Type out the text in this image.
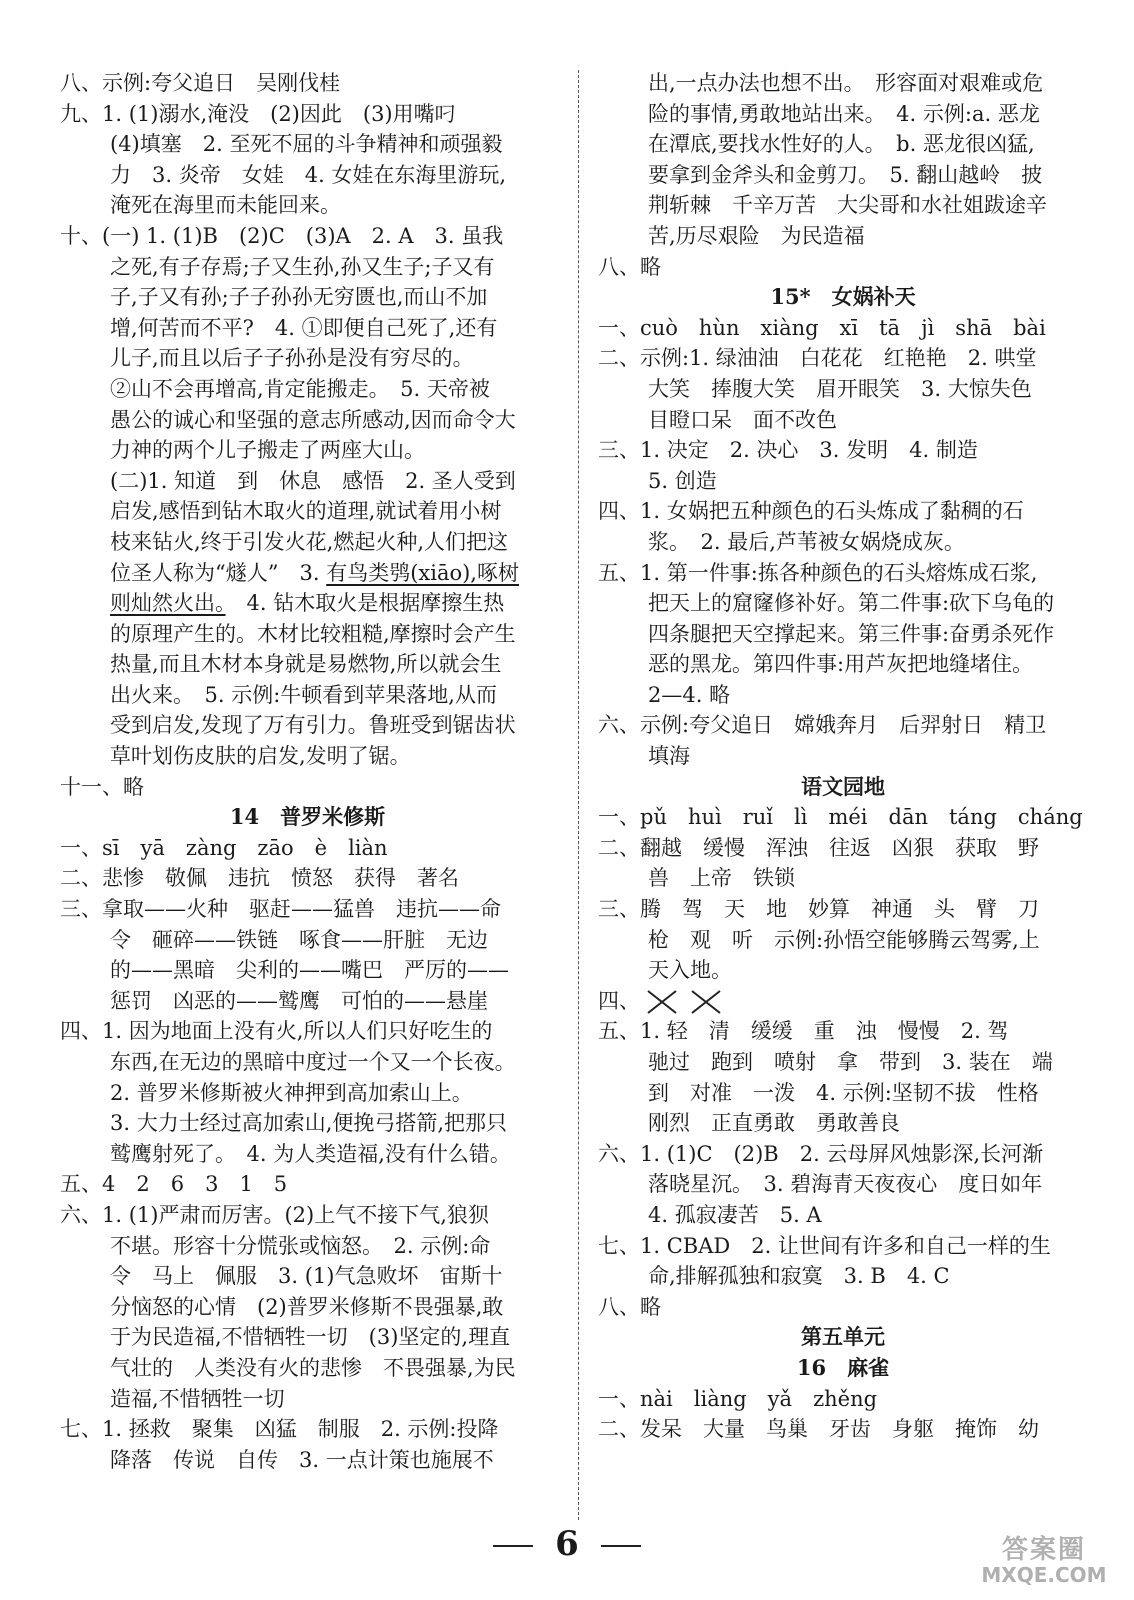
八、示例:夸父追日　吴刚伐桂
九、1. (1)溺水,淹没　(2)因此　(3)用嘴叼
(4)填塞　2. 至死不屈的斗争精神和顽强毅
力　3. 炎帝　女娃　4. 女娃在东海里游玩,
淹死在海里而未能回来。
十、(一) 1. (1)B　(2)C　(3)A　2. A　3. 虽我
之死,有子存焉;子又生孙,孙又生子;子又有
子,子又有孙;子子孙孙无穷匮也,而山不加
增,何苦而不平?　4. ①即便自己死了,还有
儿子,而且以后子子孙孙是没有穷尽的。
②山不会再增高,肯定能搬走。　5. 天帝被
愚公的诚心和坚强的意志所感动,因而命令大
力神的两个儿子搬走了两座大山。
(二)1. 知道　到　休息　感悟　2. 圣人受到
启发,感悟到钻木取火的道理,就试着用小树
枝来钻火,终于引发火花,燃起火种,人们把这
位圣人称为“燧人”　3. 有鸟类鸮(xiāo),啄树
则灿然火出。　4. 钻木取火是根据摩擦生热
的原理产生的。木材比较粗糙,摩擦时会产生
热量,而且木材本身就是易燃物,所以就会生
出火来。　5. 示例:牛顿看到苹果落地,从而
受到启发,发现了万有引力。鲁班受到锯齿状
草叶划伤皮肤的启发,发明了锯。
十一、略
14　普罗米修斯
一、sī　yā　zàng　zāo　è　liàn
二、悲惨　敬佩　违抗　愤怒　获得　著名
三、拿取——火种　驱赶——猛兽　违抗——命
令　砸碎——铁链　啄食——肝脏　无边
的——黑暗　尖利的——嘴巴　严厉的——
惩罚　凶恶的——鹫鹰　可怕的——悬崖
四、1. 因为地面上没有火,所以人们只好吃生的
东西,在无边的黑暗中度过一个又一个长夜。
2. 普罗米修斯被火神押到高加索山上。
3. 大力士经过高加索山,便挽弓搭箭,把那只
鹫鹰射死了。　4. 为人类造福,没有什么错。
五、4　2　6　3　1　5
六、1. (1)严肃而厉害。(2)上气不接下气,狼狈
不堪。形容十分慌张或恼怒。　2. 示例:命
令　马上　佩服　3. (1)气急败坏　宙斯十
分恼怒的心情　(2)普罗米修斯不畏强暴,敢
于为民造福,不惜牺牲一切　(3)坚定的,理直
气壮的　人类没有火的悲惨　不畏强暴,为民
造福,不惜牺牲一切
七、1. 拯救　聚集　凶猛　制服　2. 示例:投降
降落　传说　自传　3. 一点计策也施展不
出,一点办法也想不出。　形容面对艰难或危
险的事情,勇敢地站出来。　4. 示例:a. 恶龙
在潭底,要找水性好的人。　b. 恶龙很凶猛,
要拿到金斧头和金剪刀。　5. 翻山越岭　披
荆斩棘　千辛万苦　大尖哥和水社姐跋途辛
苦,历尽艰险　为民造福
八、略
15*　女娲补天
一、cuò　hùn　xiàng　xī　tā　jì　shā　bài
二、示例:1. 绿油油　白花花　红艳艳　2. 哄堂
大笑　捧腹大笑　眉开眼笑　3. 大惊失色
目瞪口呆　面不改色
三、1. 决定　2. 决心　3. 发明　4. 制造
5. 创造
四、1. 女娲把五种颜色的石头炼成了黏稠的石
浆。　2. 最后,芦苇被女娲烧成灰。
五、1. 第一件事:拣各种颜色的石头熔炼成石浆,
把天上的窟窿修补好。第二件事:砍下乌龟的
四条腿把天空撑起来。第三件事:奋勇杀死作
恶的黑龙。第四件事:用芦灰把地缝堵住。
2—4. 略
六、示例:夸父追日　嫦娥奔月　后羿射日　精卫
填海
语文园地
一、pǔ　huì　ruǐ　lì　méi　dān　táng　cháng
二、翻越　缓慢　浑浊　往返　凶狠　获取　野
兽　上帝　铁锁
三、腾　驾　天　地　妙算　神通　头　臂　刀
枪　观　听　示例:孙悟空能够腾云驾雾,上
天入地。
四、
五、1. 轻　清　缓缓　重　浊　慢慢　2. 驾
驰过　跑到　喷射　拿　带到　3. 装在　端
到　对准　一泼　4. 示例:坚韧不拔　性格
刚烈　正直勇敢　勇敢善良
六、1. (1)C　(2)B　2. 云母屏风烛影深,长河渐
落晓星沉。　3. 碧海青天夜夜心　度日如年
4. 孤寂凄苦　5. A
七、1. CBAD　2. 让世间有许多和自己一样的生
命,排解孤独和寂寞　3. B　4. C
八、略
第五单元
16　麻雀
一、nài　liàng　yǎ　zhěng
二、发呆　大量　鸟巢　牙齿　身躯　掩饰　幼
6	答案圈
MXQE.COM
